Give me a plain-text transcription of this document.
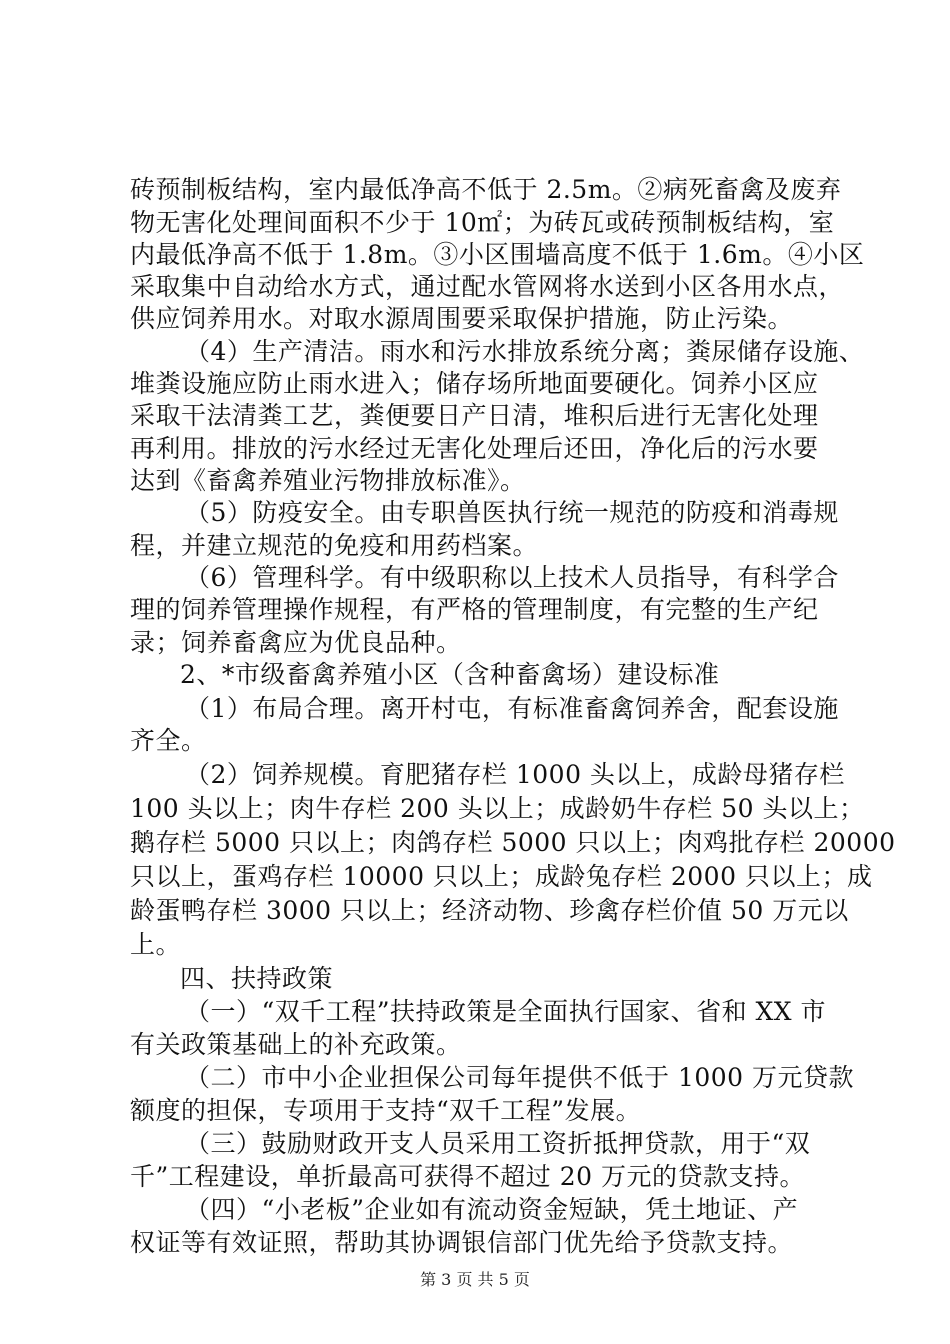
砖预制板结构，室内最低净高不低于 2.5m。②病死畜禽及废弃
物无害化处理间面积不少于 10㎡；为砖瓦或砖预制板结构，室
内最低净高不低于 1.8m。③小区围墙高度不低于 1.6m。④小区
采取集中自动给水方式，通过配水管网将水送到小区各用水点，
供应饲养用水。对取水源周围要采取保护措施，防止污染。
（4）生产清洁。雨水和污水排放系统分离；粪尿储存设施、
堆粪设施应防止雨水进入；储存场所地面要硬化。饲养小区应
采取干法清粪工艺，粪便要日产日清，堆积后进行无害化处理
再利用。排放的污水经过无害化处理后还田，净化后的污水要
达到《畜禽养殖业污物排放标准》。
（5）防疫安全。由专职兽医执行统一规范的防疫和消毒规
程，并建立规范的免疫和用药档案。
（6）管理科学。有中级职称以上技术人员指导，有科学合
理的饲养管理操作规程，有严格的管理制度，有完整的生产纪
录；饲养畜禽应为优良品种。
2、*市级畜禽养殖小区（含种畜禽场）建设标准
（1）布局合理。离开村屯，有标准畜禽饲养舍，配套设施
齐全。
（2）饲养规模。育肥猪存栏 1000 头以上，成龄母猪存栏
100 头以上；肉牛存栏 200 头以上；成龄奶牛存栏 50 头以上；
鹅存栏 5000 只以上；肉鸽存栏 5000 只以上；肉鸡批存栏 20000
只以上，蛋鸡存栏 10000 只以上；成龄兔存栏 2000 只以上；成
龄蛋鸭存栏 3000 只以上；经济动物、珍禽存栏价值 50 万元以
上。
四、扶持政策
（一）“双千工程”扶持政策是全面执行国家、省和 XX 市
有关政策基础上的补充政策。
（二）市中小企业担保公司每年提供不低于 1000 万元贷款
额度的担保，专项用于支持“双千工程”发展。
（三）鼓励财政开支人员采用工资折抵押贷款，用于“双
千”工程建设，单折最高可获得不超过 20 万元的贷款支持。
（四）“小老板”企业如有流动资金短缺，凭土地证、产
权证等有效证照，帮助其协调银信部门优先给予贷款支持。
第 3 页 共 5 页
